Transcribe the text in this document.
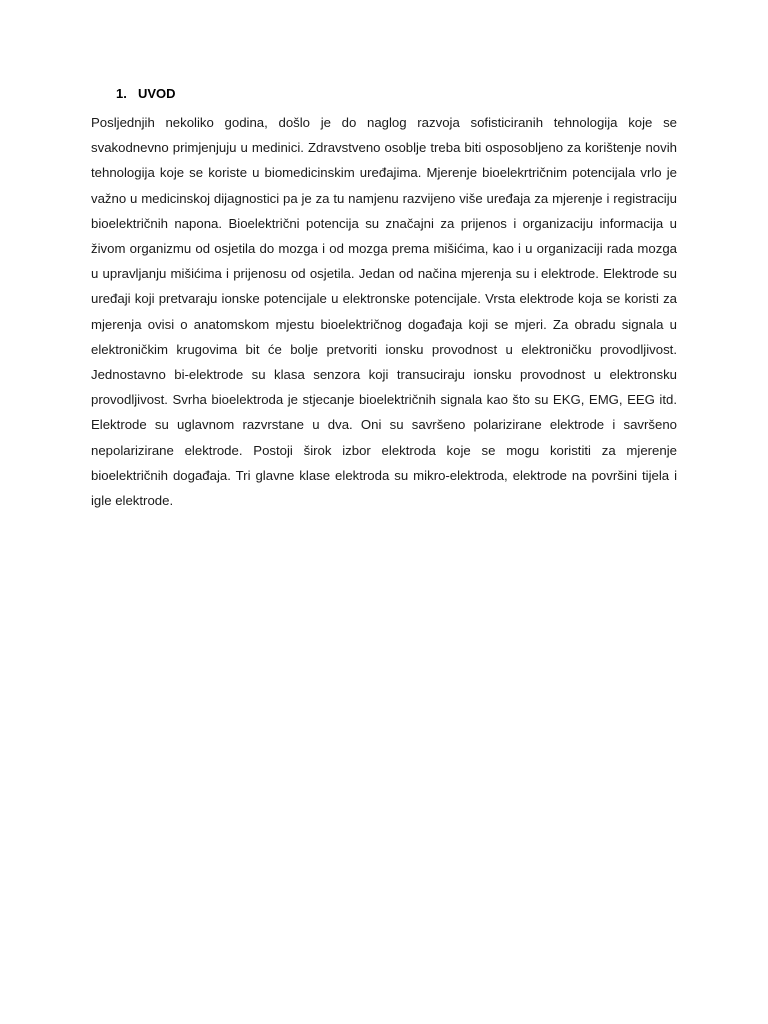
1. UVOD

Posljednjih nekoliko godina, došlo je do naglog razvoja sofisticiranih tehnologija koje se svakodnevno primjenjuju u medinici. Zdravstveno osoblje treba biti osposobljeno za korištenje novih tehnologija koje se koriste u biomedicinskim uređajima. Mjerenje bioelekrtričnim potencijala vrlo je važno u medicinskoj dijagnostici pa je za tu namjenu razvijeno više uređaja za mjerenje i registraciju bioelektričnih napona. Bioelektrični potencija su značajni za prijenos i organizaciju informacija u živom organizmu od osjetila do mozga i od mozga prema mišićima, kao i u organizaciji rada mozga u upravljanju mišićima i prijenosu od osjetila. Jedan od načina mjerenja su i elektrode. Elektrode su uređaji koji pretvaraju ionske potencijale u elektronske potencijale. Vrsta elektrode koja se koristi za mjerenja ovisi o anatomskom mjestu bioelektričnog događaja koji se mjeri. Za obradu signala u elektroničkim krugovima bit će bolje pretvoriti ionsku provodnost u elektroničku provodljivost. Jednostavno bi-elektrode su klasa senzora koji transuciraju ionsku provodnost u elektronsku provodljivost. Svrha bioelektroda je stjecanje bioelektričnih signala kao što su EKG, EMG, EEG itd. Elektrode su uglavnom razvrstane u dva. Oni su savršeno polarizirane elektrode i savršeno nepolarizirane elektrode. Postoji širok izbor elektroda koje se mogu koristiti za mjerenje bioelektričnih događaja. Tri glavne klase elektroda su mikro-elektroda, elektrode na površini tijela i igle elektrode.
